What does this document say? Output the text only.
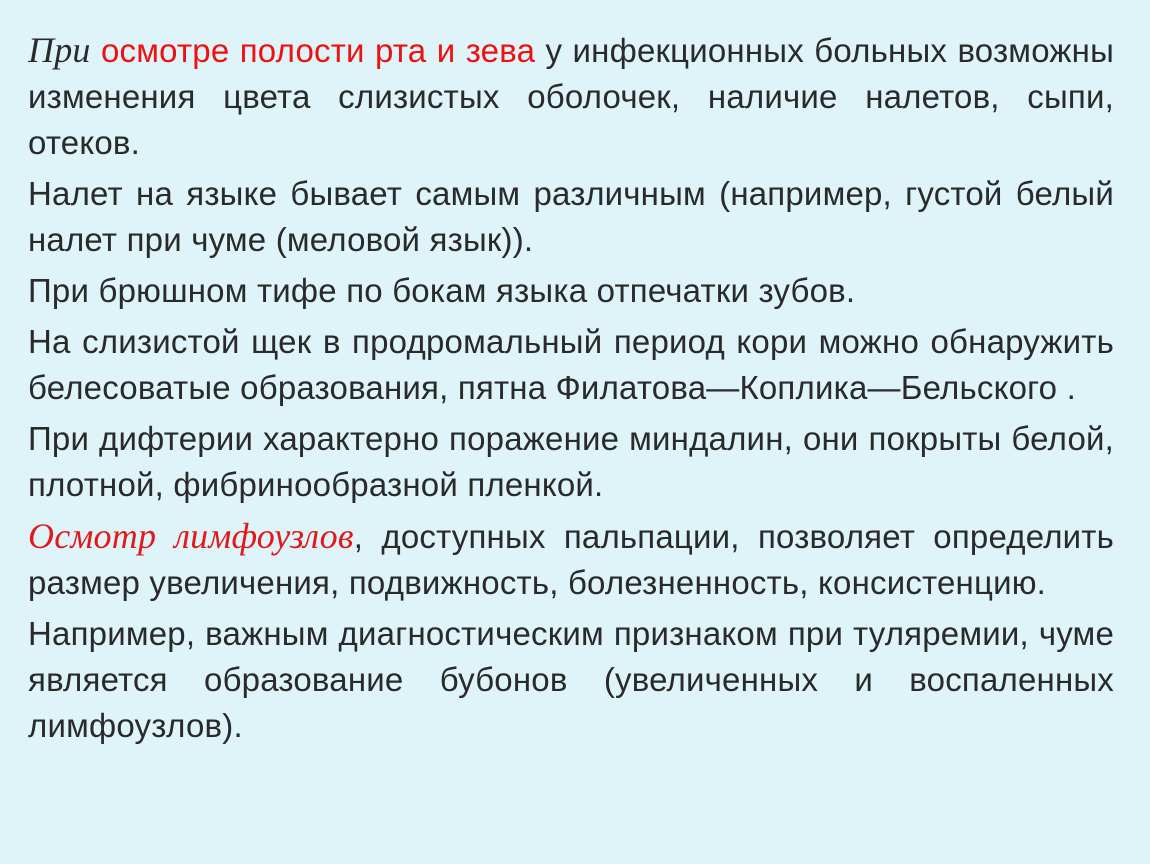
При осмотре полости рта и зева у инфекционных больных возможны изменения цвета слизистых оболочек, наличие налетов, сыпи, отеков.

Налет на языке бывает самым различным (например, густой белый налет при чуме (меловой язык)).

При брюшном тифе по бокам языка отпечатки зубов.

На слизистой щек в продромальный период кори можно обнаружить белесоватые образования, пятна Филатова—Коплика—Бельского .

При дифтерии характерно поражение миндалин, они покрыты белой, плотной, фибринообразной пленкой.

Осмотр лимфоузлов, доступных пальпации, позволяет определить размер увеличения, подвижность, болезненность, консистенцию.

Например, важным диагностическим признаком при туляремии, чуме является образование бубонов (увеличенных и воспаленных лимфоузлов).
